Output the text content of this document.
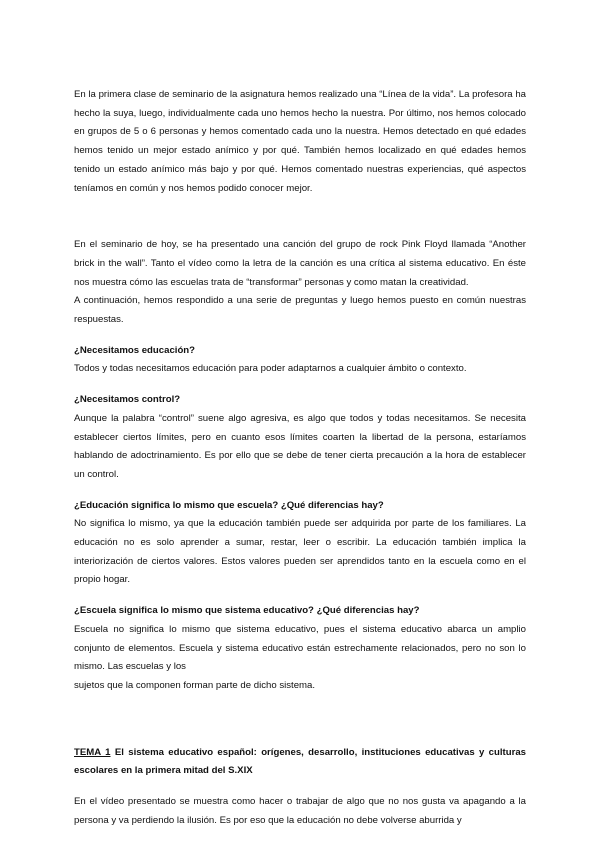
En la primera clase de seminario de la asignatura hemos realizado una “Línea de la vida”. La profesora ha hecho la suya, luego, individualmente cada uno hemos hecho la nuestra. Por último, nos hemos colocado en grupos de 5 o 6 personas y hemos comentado cada uno la nuestra. Hemos detectado en qué edades hemos tenido un mejor estado anímico y por qué. También hemos localizado en qué edades hemos tenido un estado anímico más bajo y por qué. Hemos comentado nuestras experiencias, qué aspectos teníamos en común y nos hemos podido conocer mejor.

En el seminario de hoy, se ha presentado una canción del grupo de rock Pink Floyd llamada “Another brick in the wall”. Tanto el vídeo como la letra de la canción es una crítica al sistema educativo. En éste nos muestra cómo las escuelas trata de “transformar” personas y como matan la creatividad.

A continuación, hemos respondido a una serie de preguntas y luego hemos puesto en común nuestras respuestas.

¿Necesitamos educación?

Todos y todas necesitamos educación para poder adaptarnos a cualquier ámbito o contexto.

¿Necesitamos control?

Aunque la palabra “control” suene algo agresiva, es algo que todos y todas necesitamos. Se necesita establecer ciertos límites, pero en cuanto esos límites coarten la libertad de la persona, estaríamos hablando de adoctrinamiento. Es por ello que se debe de tener cierta precaución a la hora de establecer un control.

¿Educación significa lo mismo que escuela? ¿Qué diferencias hay?

No significa lo mismo, ya que la educación también puede ser adquirida por parte de los familiares. La educación no es solo aprender a sumar, restar, leer o escribir. La educación también implica la interiorización de ciertos valores. Estos valores pueden ser aprendidos tanto en la escuela como en el propio hogar.

¿Escuela significa lo mismo que sistema educativo? ¿Qué diferencias hay?

Escuela no significa lo mismo que sistema educativo, pues el sistema educativo abarca un amplio conjunto de elementos. Escuela y sistema educativo están estrechamente relacionados, pero no son lo mismo. Las escuelas y los

sujetos que la componen forman parte de dicho sistema.

TEMA 1 El sistema educativo español: orígenes, desarrollo, instituciones educativas y culturas escolares en la primera mitad del S.XIX

En el vídeo presentado se muestra como hacer o trabajar de algo que no nos gusta va apagando a la persona y va perdiendo la ilusión. Es por eso que la educación no debe volverse aburrida y
